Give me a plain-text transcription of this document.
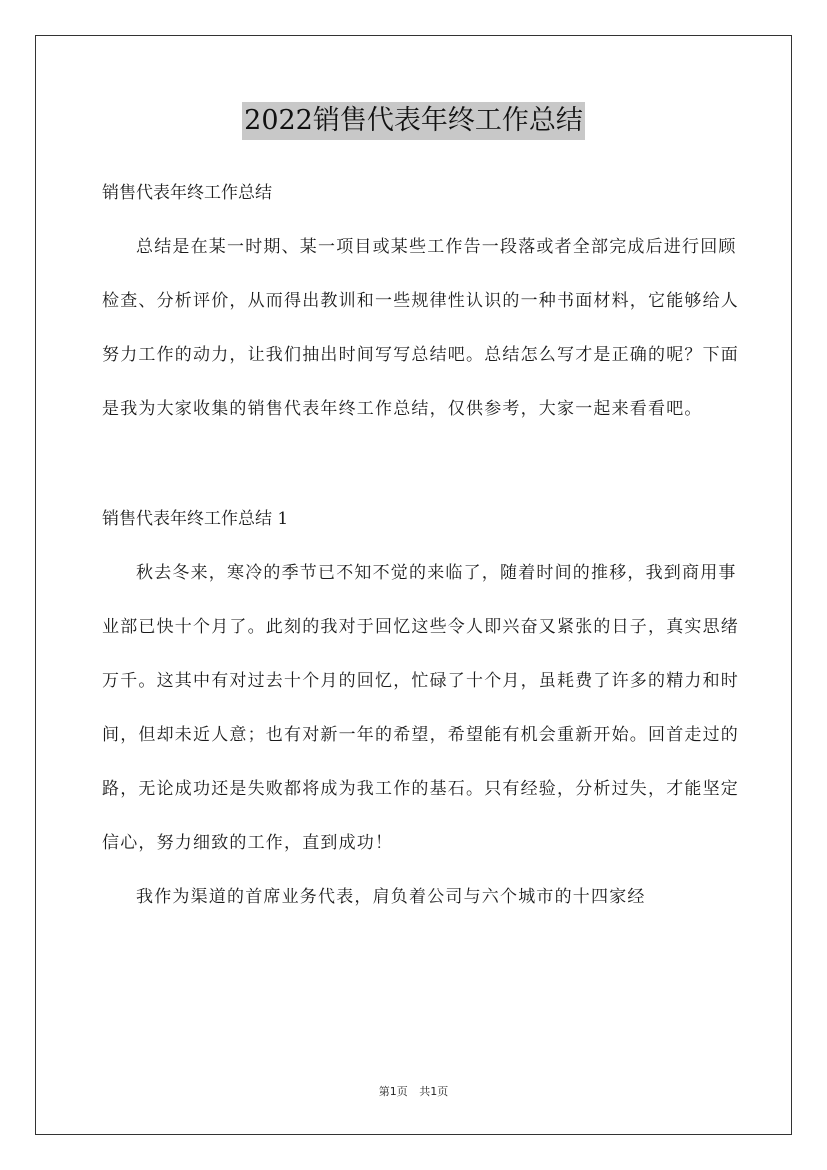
2022销售代表年终工作总结

销售代表年终工作总结

总结是在某一时期、某一项目或某些工作告一段落或者全部完成后进行回顾检查、分析评价，从而得出教训和一些规律性认识的一种书面材料，它能够给人努力工作的动力，让我们抽出时间写写总结吧。总结怎么写才是正确的呢？下面是我为大家收集的销售代表年终工作总结，仅供参考，大家一起来看看吧。

销售代表年终工作总结 1

秋去冬来，寒冷的季节已不知不觉的来临了，随着时间的推移，我到商用事业部已快十个月了。此刻的我对于回忆这些令人即兴奋又紧张的日子，真实思绪万千。这其中有对过去十个月的回忆，忙碌了十个月，虽耗费了许多的精力和时间，但却未近人意；也有对新一年的希望，希望能有机会重新开始。回首走过的路，无论成功还是失败都将成为我工作的基石。只有经验，分析过失，才能坚定信心，努力细致的工作，直到成功！

我作为渠道的首席业务代表，肩负着公司与六个城市的十四家经

第1页 共1页
